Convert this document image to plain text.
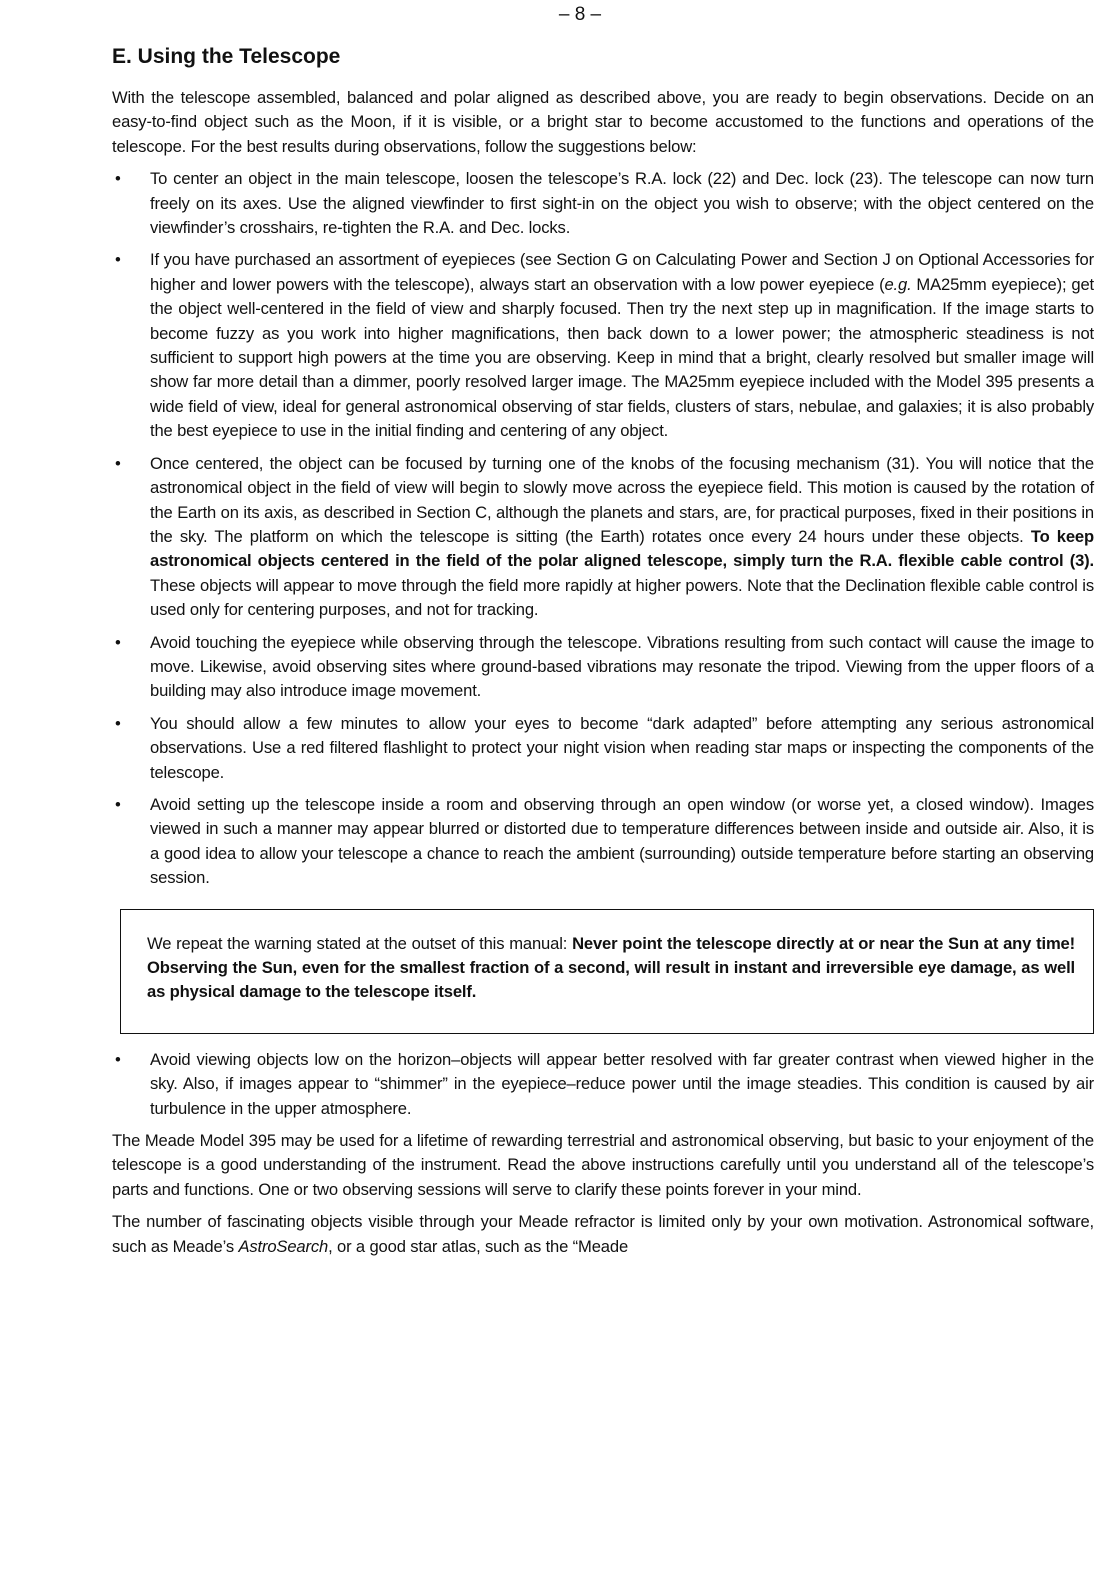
– 8 –
E. Using the Telescope

With the telescope assembled, balanced and polar aligned as described above, you are ready to begin observations. Decide on an easy-to-find object such as the Moon, if it is visible, or a bright star to become accustomed to the functions and operations of the telescope. For the best results during observations, follow the suggestions below:

• To center an object in the main telescope, loosen the telescope’s R.A. lock (22) and Dec. lock (23). The telescope can now turn freely on its axes. Use the aligned viewfinder to first sight-in on the object you wish to observe; with the object centered on the viewfinder’s crosshairs, re-tighten the R.A. and Dec. locks.
• If you have purchased an assortment of eyepieces (see Section G on Calculating Power and Section J on Optional Accessories for higher and lower powers with the telescope), always start an observation with a low power eyepiece (e.g. MA25mm eyepiece); get the object well-centered in the field of view and sharply focused. Then try the next step up in magnification. If the image starts to become fuzzy as you work into higher magnifications, then back down to a lower power; the atmospheric steadiness is not sufficient to support high powers at the time you are observing. Keep in mind that a bright, clearly resolved but smaller image will show far more detail than a dimmer, poorly resolved larger image. The MA25mm eyepiece included with the Model 395 presents a wide field of view, ideal for general astronomical observing of star fields, clusters of stars, nebulae, and galaxies; it is also probably the best eyepiece to use in the initial finding and centering of any object.
• Once centered, the object can be focused by turning one of the knobs of the focusing mechanism (31). You will notice that the astronomical object in the field of view will begin to slowly move across the eyepiece field. This motion is caused by the rotation of the Earth on its axis, as described in Section C, although the planets and stars, are, for practical purposes, fixed in their positions in the sky. The platform on which the telescope is sitting (the Earth) rotates once every 24 hours under these objects. To keep astronomical objects centered in the field of the polar aligned telescope, simply turn the R.A. flexible cable control (3). These objects will appear to move through the field more rapidly at higher powers. Note that the Declination flexible cable control is used only for centering purposes, and not for tracking.
• Avoid touching the eyepiece while observing through the telescope. Vibrations resulting from such contact will cause the image to move. Likewise, avoid observing sites where ground-based vibrations may resonate the tripod. Viewing from the upper floors of a building may also introduce image movement.
• You should allow a few minutes to allow your eyes to become “dark adapted” before attempting any serious astronomical observations. Use a red filtered flashlight to protect your night vision when reading star maps or inspecting the components of the telescope.
• Avoid setting up the telescope inside a room and observing through an open window (or worse yet, a closed window). Images viewed in such a manner may appear blurred or distorted due to temperature differences between inside and outside air. Also, it is a good idea to allow your telescope a chance to reach the ambient (surrounding) outside temperature before starting an observing session.
We repeat the warning stated at the outset of this manual: Never point the telescope directly at or near the Sun at any time! Observing the Sun, even for the smallest fraction of a second, will result in instant and irreversible eye damage, as well as physical damage to the telescope itself.
• Avoid viewing objects low on the horizon–objects will appear better resolved with far greater contrast when viewed higher in the sky. Also, if images appear to “shimmer” in the eyepiece–reduce power until the image steadies. This condition is caused by air turbulence in the upper atmosphere.

The Meade Model 395 may be used for a lifetime of rewarding terrestrial and astronomical observing, but basic to your enjoyment of the telescope is a good understanding of the instrument. Read the above instructions carefully until you understand all of the telescope’s parts and functions. One or two observing sessions will serve to clarify these points forever in your mind.

The number of fascinating objects visible through your Meade refractor is limited only by your own motivation. Astronomical software, such as Meade’s AstroSearch, or a good star atlas, such as the “Meade
